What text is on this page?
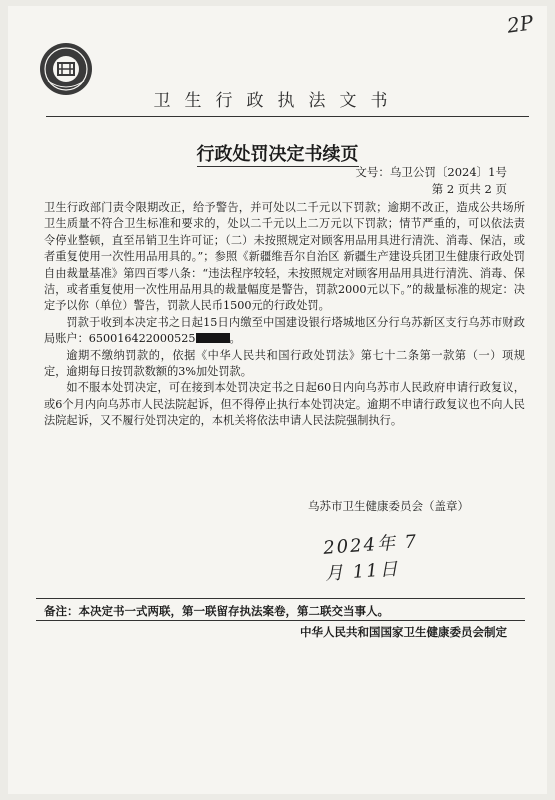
2P
卫生行政执法文书
行政处罚决定书续页
文号：乌卫公罚〔2024〕1号
第 2 页共 2 页

卫生行政部门责令限期改正，给予警告，并可处以二千元以下罚款；逾期不改正，造成公共场所卫生质量不符合卫生标准和要求的，处以二千元以上二万元以下罚款；情节严重的，可以依法责令停业整顿，直至吊销卫生许可证；（二）未按照规定对顾客用品用具进行清洗、消毒、保洁，或者重复使用一次性用品用具的。”；参照《新疆维吾尔自治区 新疆生产建设兵团卫生健康行政处罚自由裁量基准》第四百零八条：“违法程序较轻，未按照规定对顾客用品用具进行清洗、消毒、保洁，或者重复使用一次性用品用具的裁量幅度是警告，罚款2000元以下。”的裁量标准的规定：决定予以你（单位）警告，罚款人民币1500元的行政处罚。

罚款于收到本决定书之日起15日内缴至中国建设银行塔城地区分行乌苏新区支行乌苏市财政局账户：650016422000525	。

逾期不缴纳罚款的，依据《中华人民共和国行政处罚法》第七十二条第一款第（一）项规定，逾期每日按罚款数额的3%加处罚款。

如不服本处罚决定，可在接到本处罚决定书之日起60日内向乌苏市人民政府申请行政复议，或6个月内向乌苏市人民法院起诉，但不得停止执行本处罚决定。逾期不申请行政复议也不向人民法院起诉，又不履行处罚决定的，本机关将依法申请人民法院强制执行。

乌苏市卫生健康委员会（盖章）
2024年 7月 11日
备注：本决定书一式两联，第一联留存执法案卷，第二联交当事人。
中华人民共和国国家卫生健康委员会制定
